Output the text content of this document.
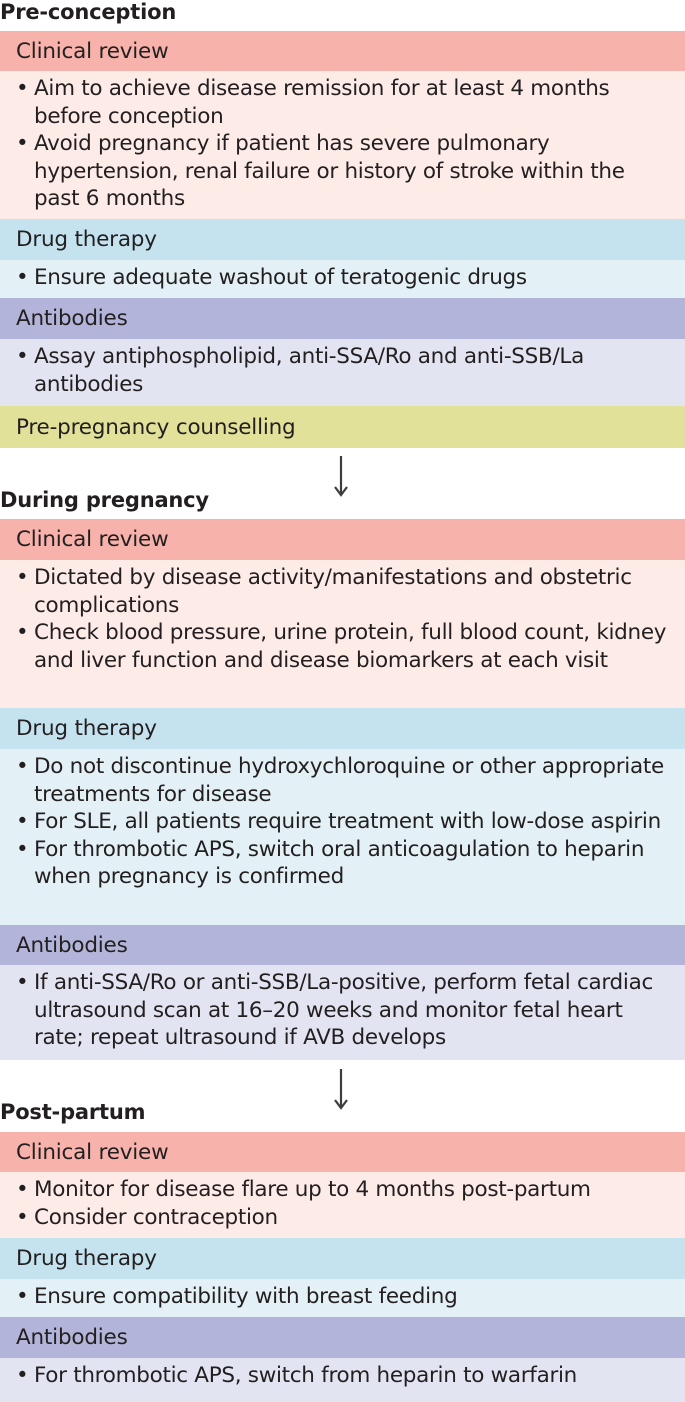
Pre-conception
Clinical review
• Aim to achieve disease remission for at least 4 months before conception
• Avoid pregnancy if patient has severe pulmonary hypertension, renal failure or history of stroke within the past 6 months
Drug therapy
• Ensure adequate washout of teratogenic drugs
Antibodies
• Assay antiphospholipid, anti-SSA/Ro and anti-SSB/La antibodies
Pre-pregnancy counselling
During pregnancy
Clinical review
• Dictated by disease activity/manifestations and obstetric complications
• Check blood pressure, urine protein, full blood count, kidney and liver function and disease biomarkers at each visit
Drug therapy
• Do not discontinue hydroxychloroquine or other appropriate treatments for disease
• For SLE, all patients require treatment with low-dose aspirin
• For thrombotic APS, switch oral anticoagulation to heparin when pregnancy is confirmed
Antibodies
• If anti-SSA/Ro or anti-SSB/La-positive, perform fetal cardiac ultrasound scan at 16–20 weeks and monitor fetal heart rate; repeat ultrasound if AVB develops
Post-partum
Clinical review
• Monitor for disease flare up to 4 months post-partum
• Consider contraception
Drug therapy
• Ensure compatibility with breast feeding
Antibodies
• For thrombotic APS, switch from heparin to warfarin
